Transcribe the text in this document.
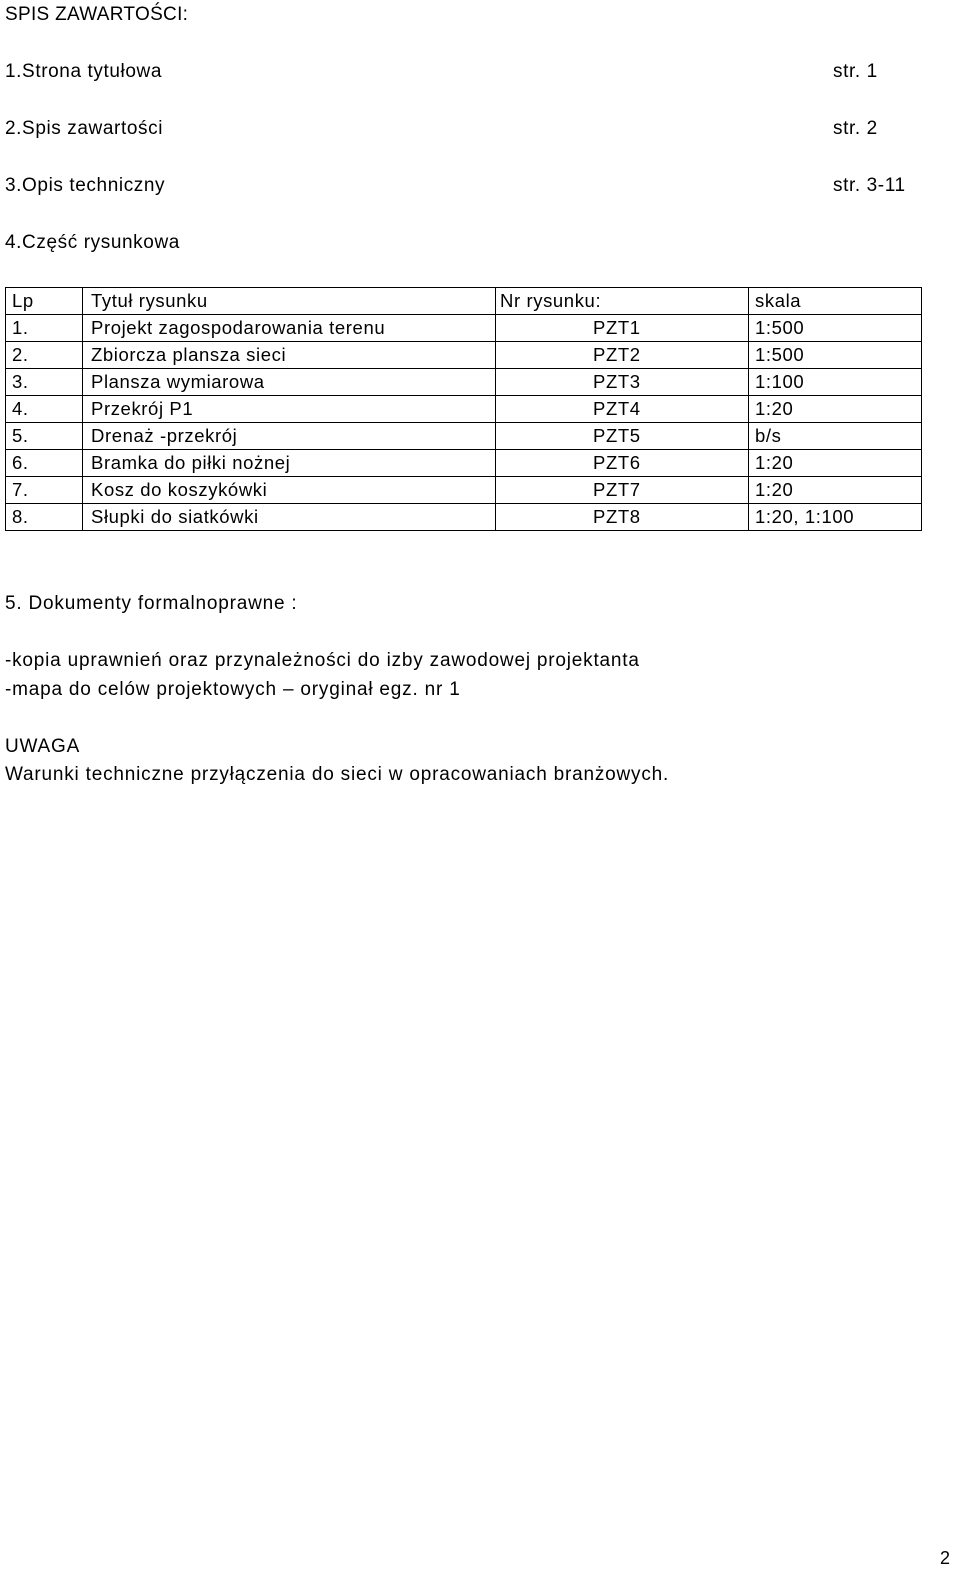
SPIS ZAWARTOŚCI:
1.Strona tytułowa	str. 1
2.Spis zawartości	str. 2
3.Opis techniczny	str. 3-11
4.Część rysunkowa
Lp	Tytuł rysunku	Nr rysunku:	skala
1.	Projekt zagospodarowania terenu	PZT1	1:500
2.	Zbiorcza plansza sieci	PZT2	1:500
3.	Plansza wymiarowa	PZT3	1:100
4.	Przekrój P1	PZT4	1:20
5.	Drenaż -przekrój	PZT5	b/s
6.	Bramka do piłki nożnej	PZT6	1:20
7.	Kosz do koszykówki	PZT7	1:20
8.	Słupki do siatkówki	PZT8	1:20, 1:100
5. Dokumenty formalnoprawne :
-kopia uprawnień oraz przynależności do izby zawodowej projektanta
-mapa do celów projektowych – oryginał egz. nr 1
UWAGA
Warunki techniczne przyłączenia do sieci w opracowaniach branżowych.
2
